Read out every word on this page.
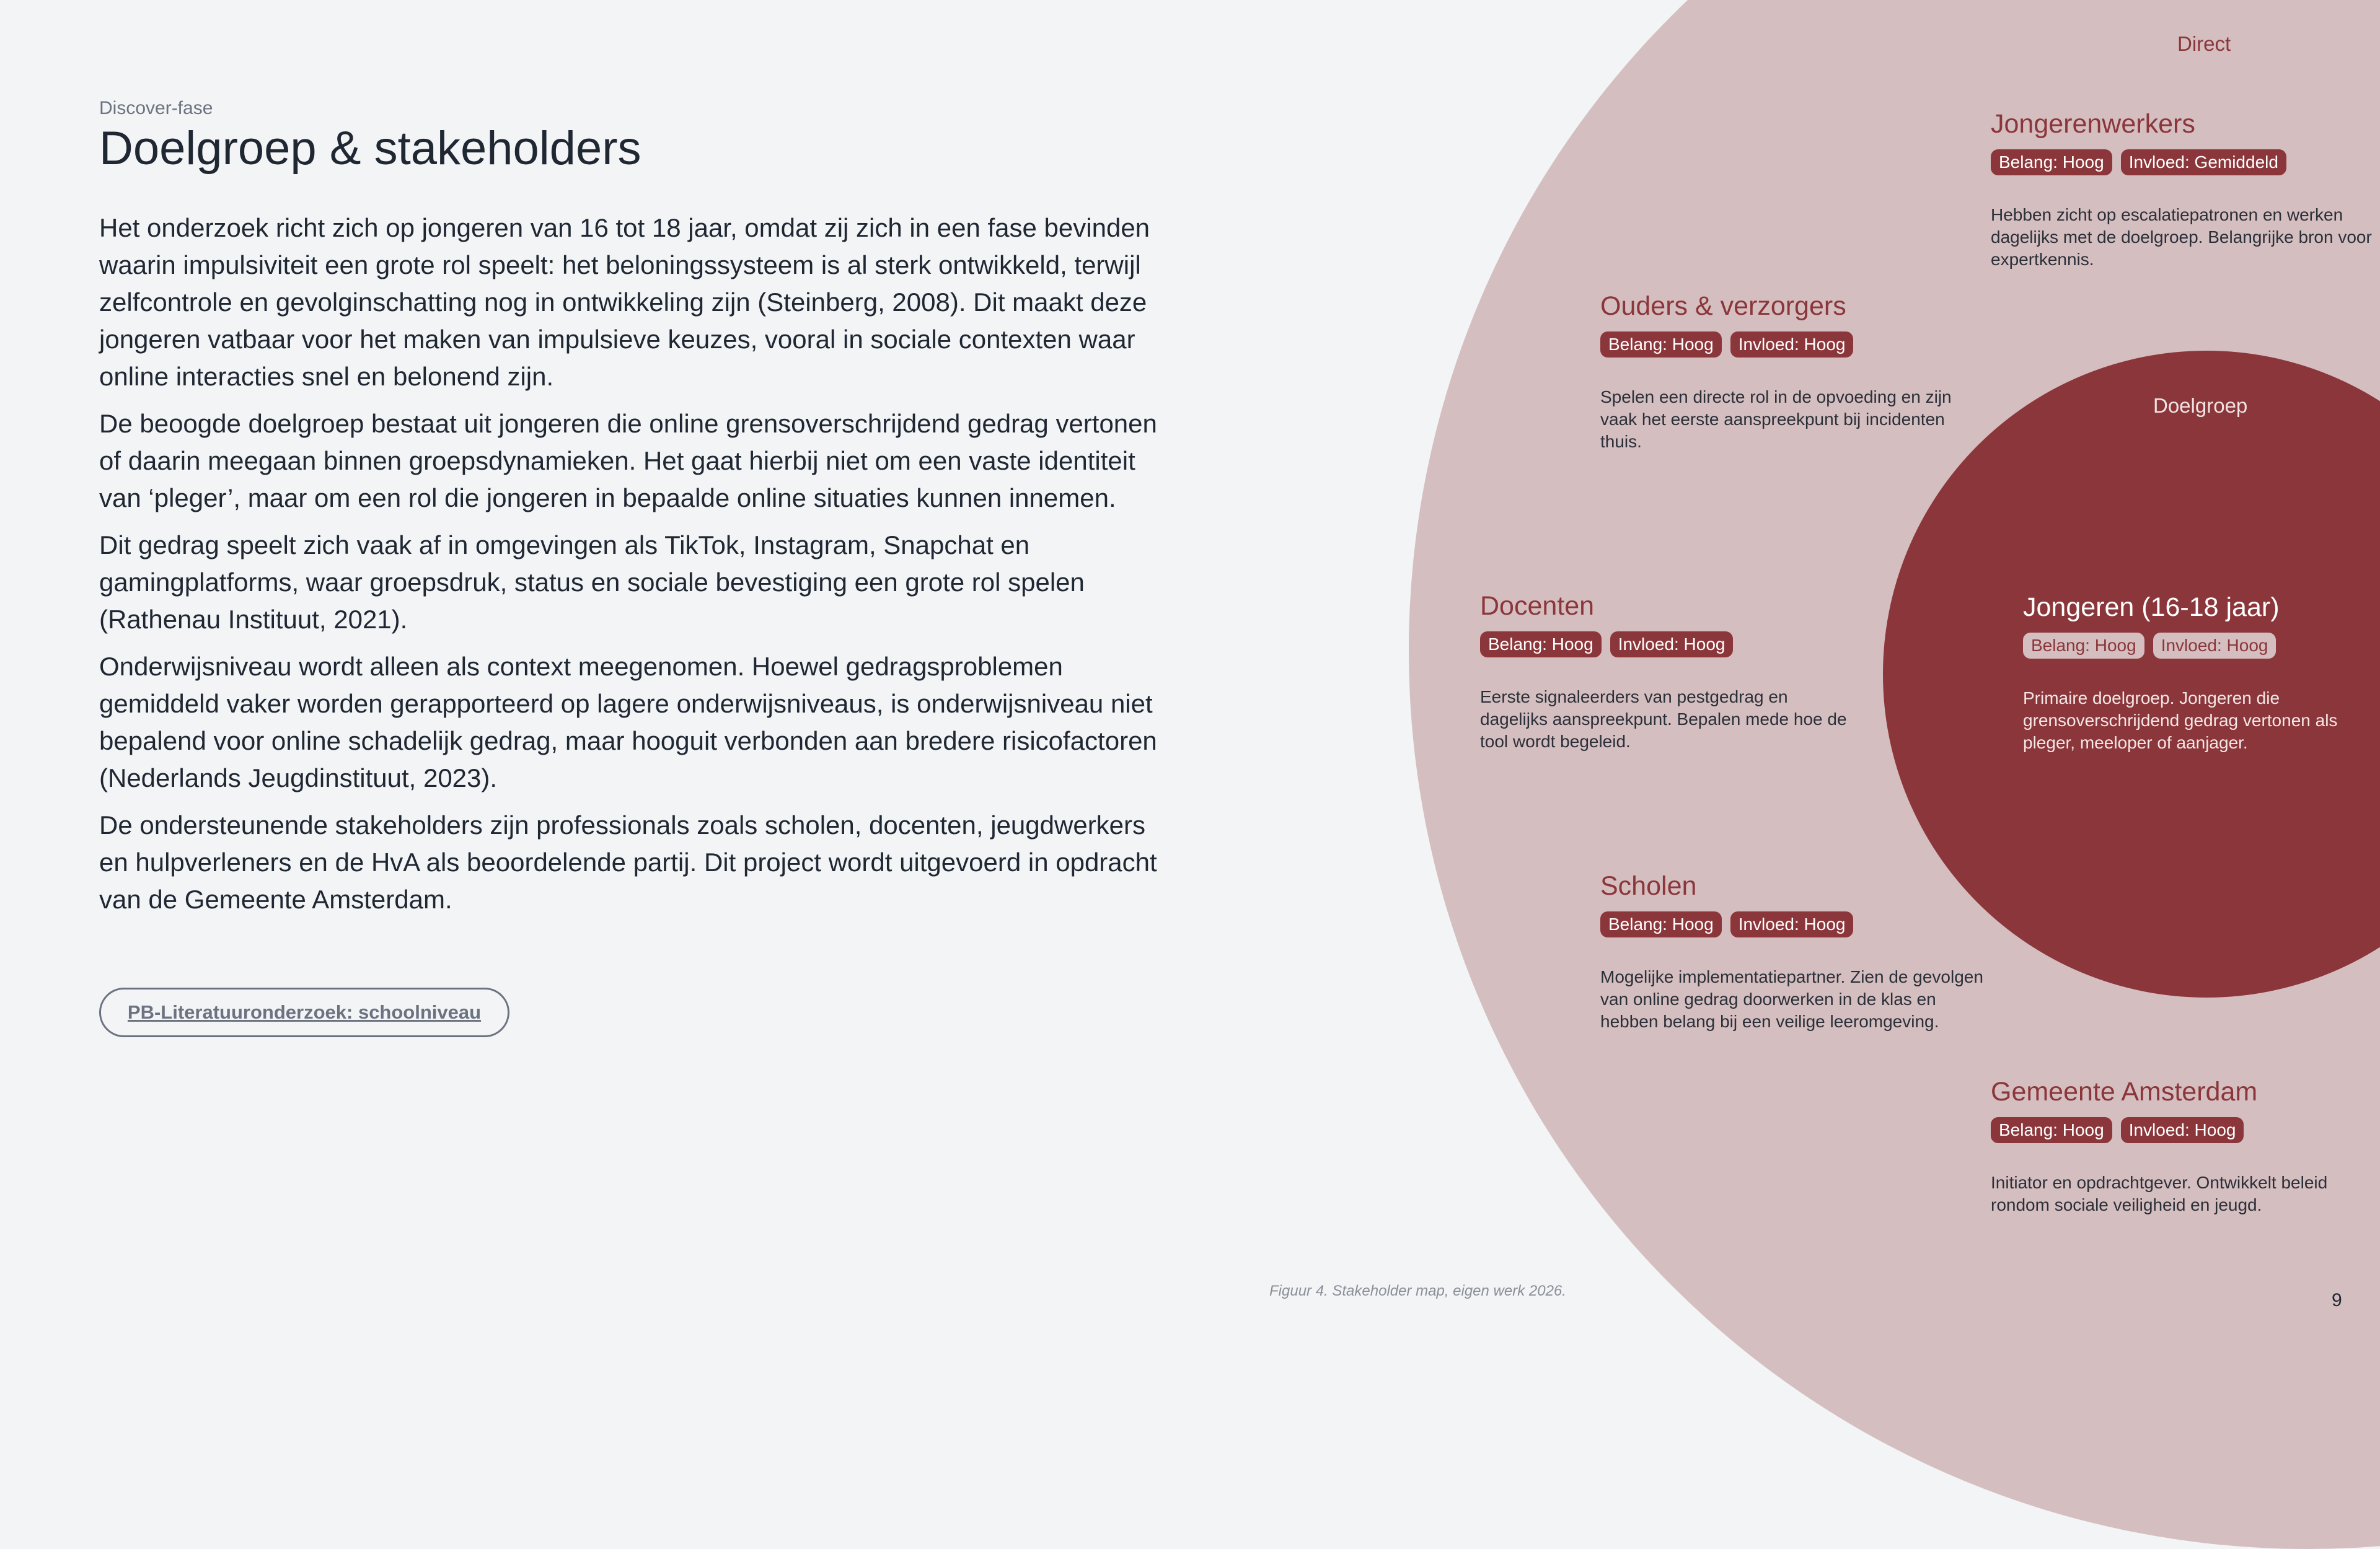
Direct
Doelgroep
Discover-fase
Doelgroep & stakeholders

Het onderzoek richt zich op jongeren van 16 tot 18 jaar, omdat zij zich in een fase bevinden waarin impulsiviteit een grote rol speelt: het beloningssysteem is al sterk ontwikkeld, terwijl zelfcontrole en gevolginschatting nog in ontwikkeling zijn (Steinberg, 2008). Dit maakt deze jongeren vatbaar voor het maken van impulsieve keuzes, vooral in sociale contexten waar online interacties snel en belonend zijn.

De beoogde doelgroep bestaat uit jongeren die online grensoverschrijdend gedrag vertonen of daarin meegaan binnen groepsdynamieken. Het gaat hierbij niet om een vaste identiteit van ‘pleger’, maar om een rol die jongeren in bepaalde online situaties kunnen innemen.

Dit gedrag speelt zich vaak af in omgevingen als TikTok, Instagram, Snapchat en gamingplatforms, waar groepsdruk, status en sociale bevestiging een grote rol spelen (Rathenau Instituut, 2021).

Onderwijsniveau wordt alleen als context meegenomen. Hoewel gedragsproblemen gemiddeld vaker worden gerapporteerd op lagere onderwijsniveaus, is onderwijsniveau niet bepalend voor online schadelijk gedrag, maar hooguit verbonden aan bredere risicofactoren (Nederlands Jeugdinstituut, 2023).

De ondersteunende stakeholders zijn professionals zoals scholen, docenten, jeugdwerkers en hulpverleners en de HvA als beoordelende partij. Dit project wordt uitgevoerd in opdracht van de Gemeente Amsterdam.

PB-Literatuuronderzoek: schoolniveau
Jongerenwerkers
Belang: Hoog	Invloed: Gemiddeld
Hebben zicht op escalatiepatronen en werken dagelijks met de doelgroep. Belangrijke bron voor expertkennis.
Ouders & verzorgers
Belang: Hoog	Invloed: Hoog
Spelen een directe rol in de opvoeding en zijn vaak het eerste aanspreekpunt bij incidenten thuis.
Docenten
Belang: Hoog	Invloed: Hoog
Eerste signaleerders van pestgedrag en dagelijks aanspreekpunt. Bepalen mede hoe de tool wordt begeleid.
Jongeren (16-18 jaar)
Belang: Hoog	Invloed: Hoog
Primaire doelgroep. Jongeren die grensoverschrijdend gedrag vertonen als pleger, meeloper of aanjager.
Scholen
Belang: Hoog	Invloed: Hoog
Mogelijke implementatiepartner. Zien de gevolgen van online gedrag doorwerken in de klas en hebben belang bij een veilige leeromgeving.
Gemeente Amsterdam
Belang: Hoog	Invloed: Hoog
Initiator en opdrachtgever. Ontwikkelt beleid rondom sociale veiligheid en jeugd.
Figuur 4. Stakeholder map, eigen werk 2026.	9
